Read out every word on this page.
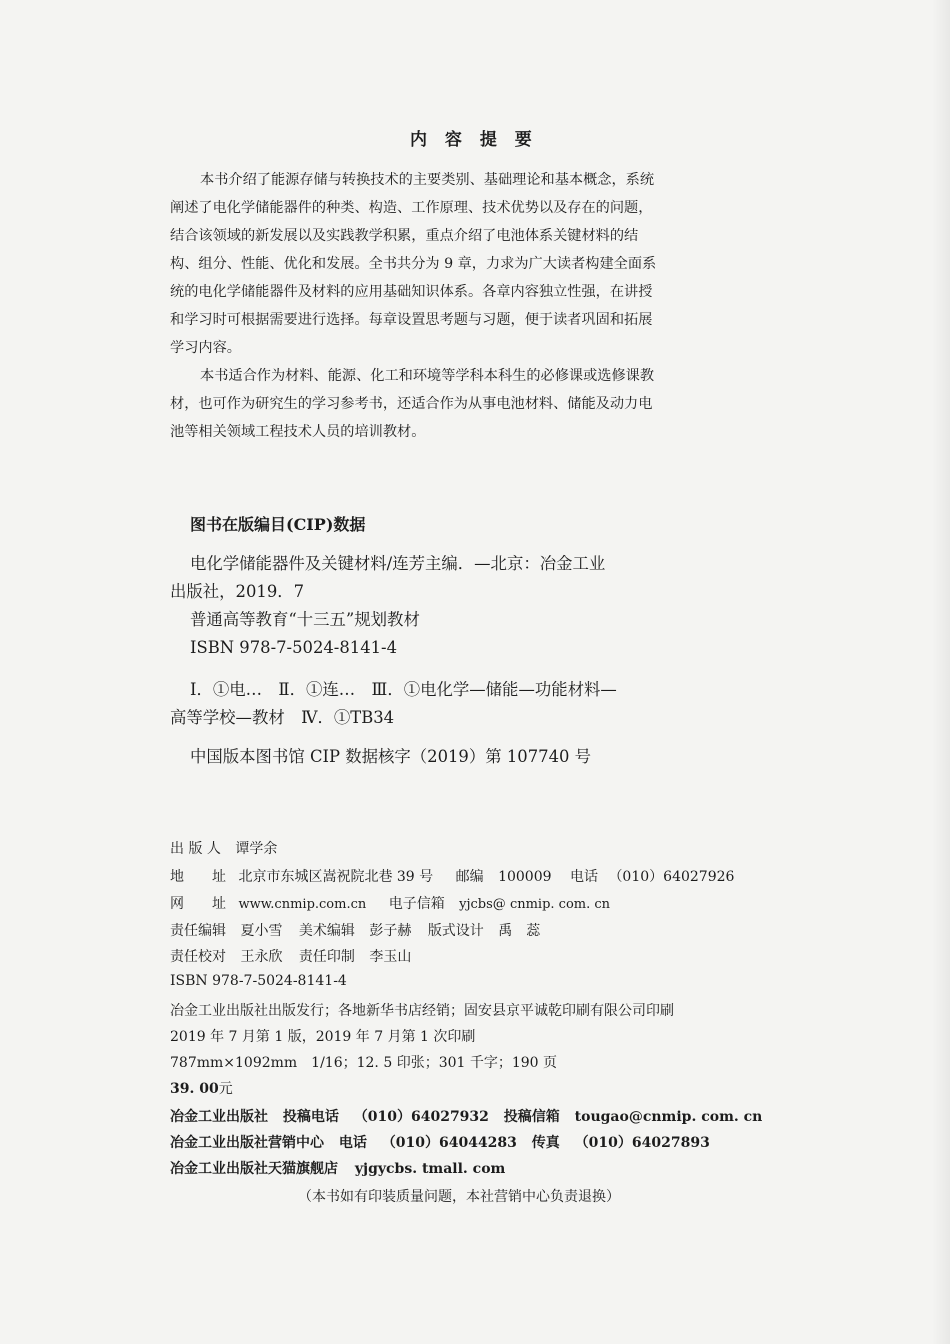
内 容 提 要
本书介绍了能源存储与转换技术的主要类别、基础理论和基本概念，系统
阐述了电化学储能器件的种类、构造、工作原理、技术优势以及存在的问题，
结合该领域的新发展以及实践教学积累，重点介绍了电池体系关键材料的结
构、组分、性能、优化和发展。全书共分为 9 章，力求为广大读者构建全面系
统的电化学储能器件及材料的应用基础知识体系。各章内容独立性强，在讲授
和学习时可根据需要进行选择。每章设置思考题与习题，便于读者巩固和拓展
学习内容。
本书适合作为材料、能源、化工和环境等学科本科生的必修课或选修课教
材，也可作为研究生的学习参考书，还适合作为从事电池材料、储能及动力电
池等相关领域工程技术人员的培训教材。
图书在版编目(CIP)数据
电化学储能器件及关键材料/连芳主编．—北京：冶金工业
出版社，2019．7
普通高等教育“十三五”规划教材
ISBN 978-7-5024-8141-4
Ⅰ．①电…　Ⅱ．①连…　Ⅲ．①电化学—储能—功能材料—
高等学校—教材　Ⅳ．①TB34
中国版本图书馆 CIP 数据核字（2019）第 107740 号
出 版 人 谭学余
地　　址 北京市东城区嵩祝院北巷 39 号 邮编 100009 电话 （010）64027926
网　　址 www.cnmip.com.cn 电子信箱 yjcbs@ cnmip. com. cn
责任编辑 夏小雪 美术编辑 彭子赫 版式设计 禹　蕊
责任校对 王永欣 责任印制 李玉山
ISBN 978-7-5024-8141-4
冶金工业出版社出版发行；各地新华书店经销；固安县京平诚乾印刷有限公司印刷
2019 年 7 月第 1 版，2019 年 7 月第 1 次印刷
787mm×1092mm　1/16；12. 5 印张；301 千字；190 页
39. 00元
冶金工业出版社 投稿电话 （010）64027932 投稿信箱 tougao@cnmip. com. cn
冶金工业出版社营销中心 电话 （010）64044283 传真 （010）64027893
冶金工业出版社天猫旗舰店 yjgycbs. tmall. com
（本书如有印装质量问题，本社营销中心负责退换）
